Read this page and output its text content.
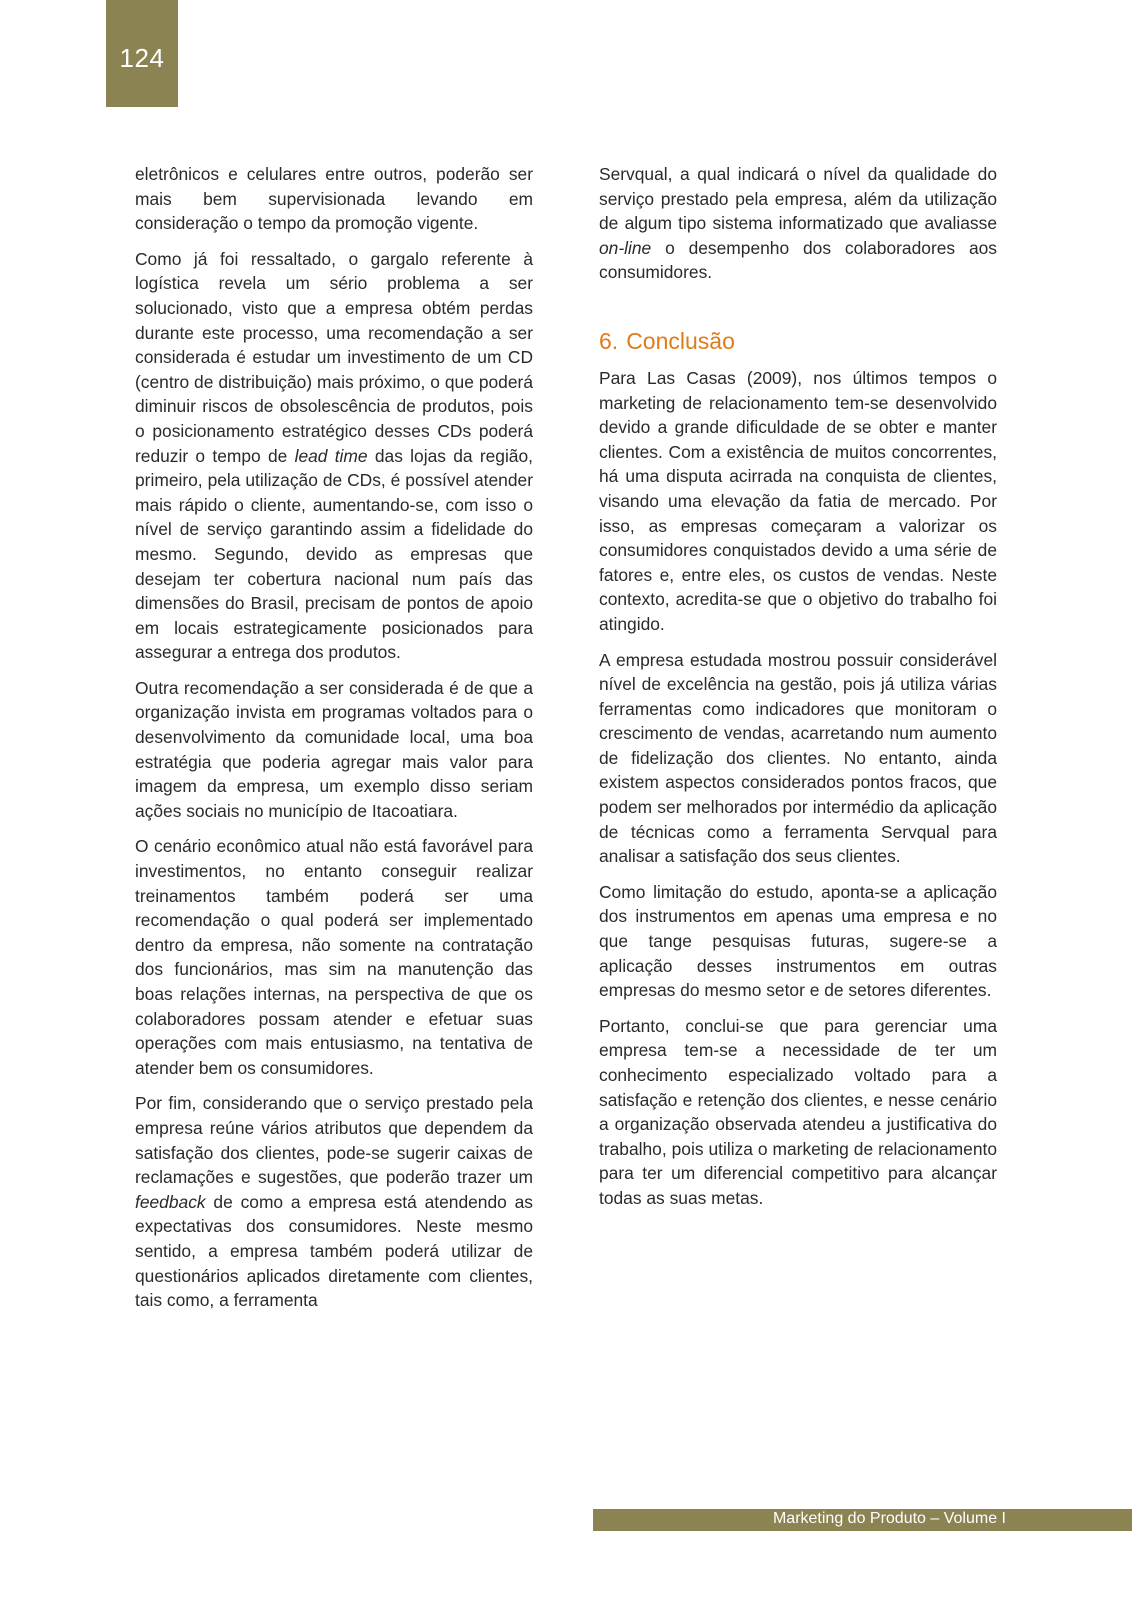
124

eletrônicos e celulares entre outros, poderão ser mais bem supervisionada levando em consideração o tempo da promoção vigente.

Como já foi ressaltado, o gargalo referente à logística revela um sério problema a ser solucionado, visto que a empresa obtém perdas durante este processo, uma recomendação a ser considerada é estudar um investimento de um CD (centro de distribuição) mais próximo, o que poderá diminuir riscos de obsolescência de produtos, pois o posicionamento estratégico desses CDs poderá reduzir o tempo de lead time das lojas da região, primeiro, pela utilização de CDs, é possível atender mais rápido o cliente, aumentando-se, com isso o nível de serviço garantindo assim a fidelidade do mesmo. Segundo, devido as empresas que desejam ter cobertura nacional num país das dimensões do Brasil, precisam de pontos de apoio em locais estrategicamente posicionados para assegurar a entrega dos produtos.

Outra recomendação a ser considerada é de que a organização invista em programas voltados para o desenvolvimento da comunidade local, uma boa estratégia que poderia agregar mais valor para imagem da empresa, um exemplo disso seriam ações sociais no município de Itacoatiara.

O cenário econômico atual não está favorável para investimentos, no entanto conseguir realizar treinamentos também poderá ser uma recomendação o qual poderá ser implementado dentro da empresa, não somente na contratação dos funcionários, mas sim na manutenção das boas relações internas, na perspectiva de que os colaboradores possam atender e efetuar suas operações com mais entusiasmo, na tentativa de atender bem os consumidores.

Por fim, considerando que o serviço prestado pela empresa reúne vários atributos que dependem da satisfação dos clientes, pode-se sugerir caixas de reclamações e sugestões, que poderão trazer um feedback de como a empresa está atendendo as expectativas dos consumidores. Neste mesmo sentido, a empresa também poderá utilizar de questionários aplicados diretamente com clientes, tais como, a ferramenta

Servqual, a qual indicará o nível da qualidade do serviço prestado pela empresa, além da utilização de algum tipo sistema informatizado que avaliasse on-line o desempenho dos colaboradores aos consumidores.

6. Conclusão

Para Las Casas (2009), nos últimos tempos o marketing de relacionamento tem-se desenvolvido devido a grande dificuldade de se obter e manter clientes. Com a existência de muitos concorrentes, há uma disputa acirrada na conquista de clientes, visando uma elevação da fatia de mercado. Por isso, as empresas começaram a valorizar os consumidores conquistados devido a uma série de fatores e, entre eles, os custos de vendas. Neste contexto, acredita-se que o objetivo do trabalho foi atingido.

A empresa estudada mostrou possuir considerável nível de excelência na gestão, pois já utiliza várias ferramentas como indicadores que monitoram o crescimento de vendas, acarretando num aumento de fidelização dos clientes. No entanto, ainda existem aspectos considerados pontos fracos, que podem ser melhorados por intermédio da aplicação de técnicas como a ferramenta Servqual para analisar a satisfação dos seus clientes.

Como limitação do estudo, aponta-se a aplicação dos instrumentos em apenas uma empresa e no que tange pesquisas futuras, sugere-se a aplicação desses instrumentos em outras empresas do mesmo setor e de setores diferentes.

Portanto, conclui-se que para gerenciar uma empresa tem-se a necessidade de ter um conhecimento especializado voltado para a satisfação e retenção dos clientes, e nesse cenário a organização observada atendeu a justificativa do trabalho, pois utiliza o marketing de relacionamento para ter um diferencial competitivo para alcançar todas as suas metas.

Marketing do Produto – Volume I
